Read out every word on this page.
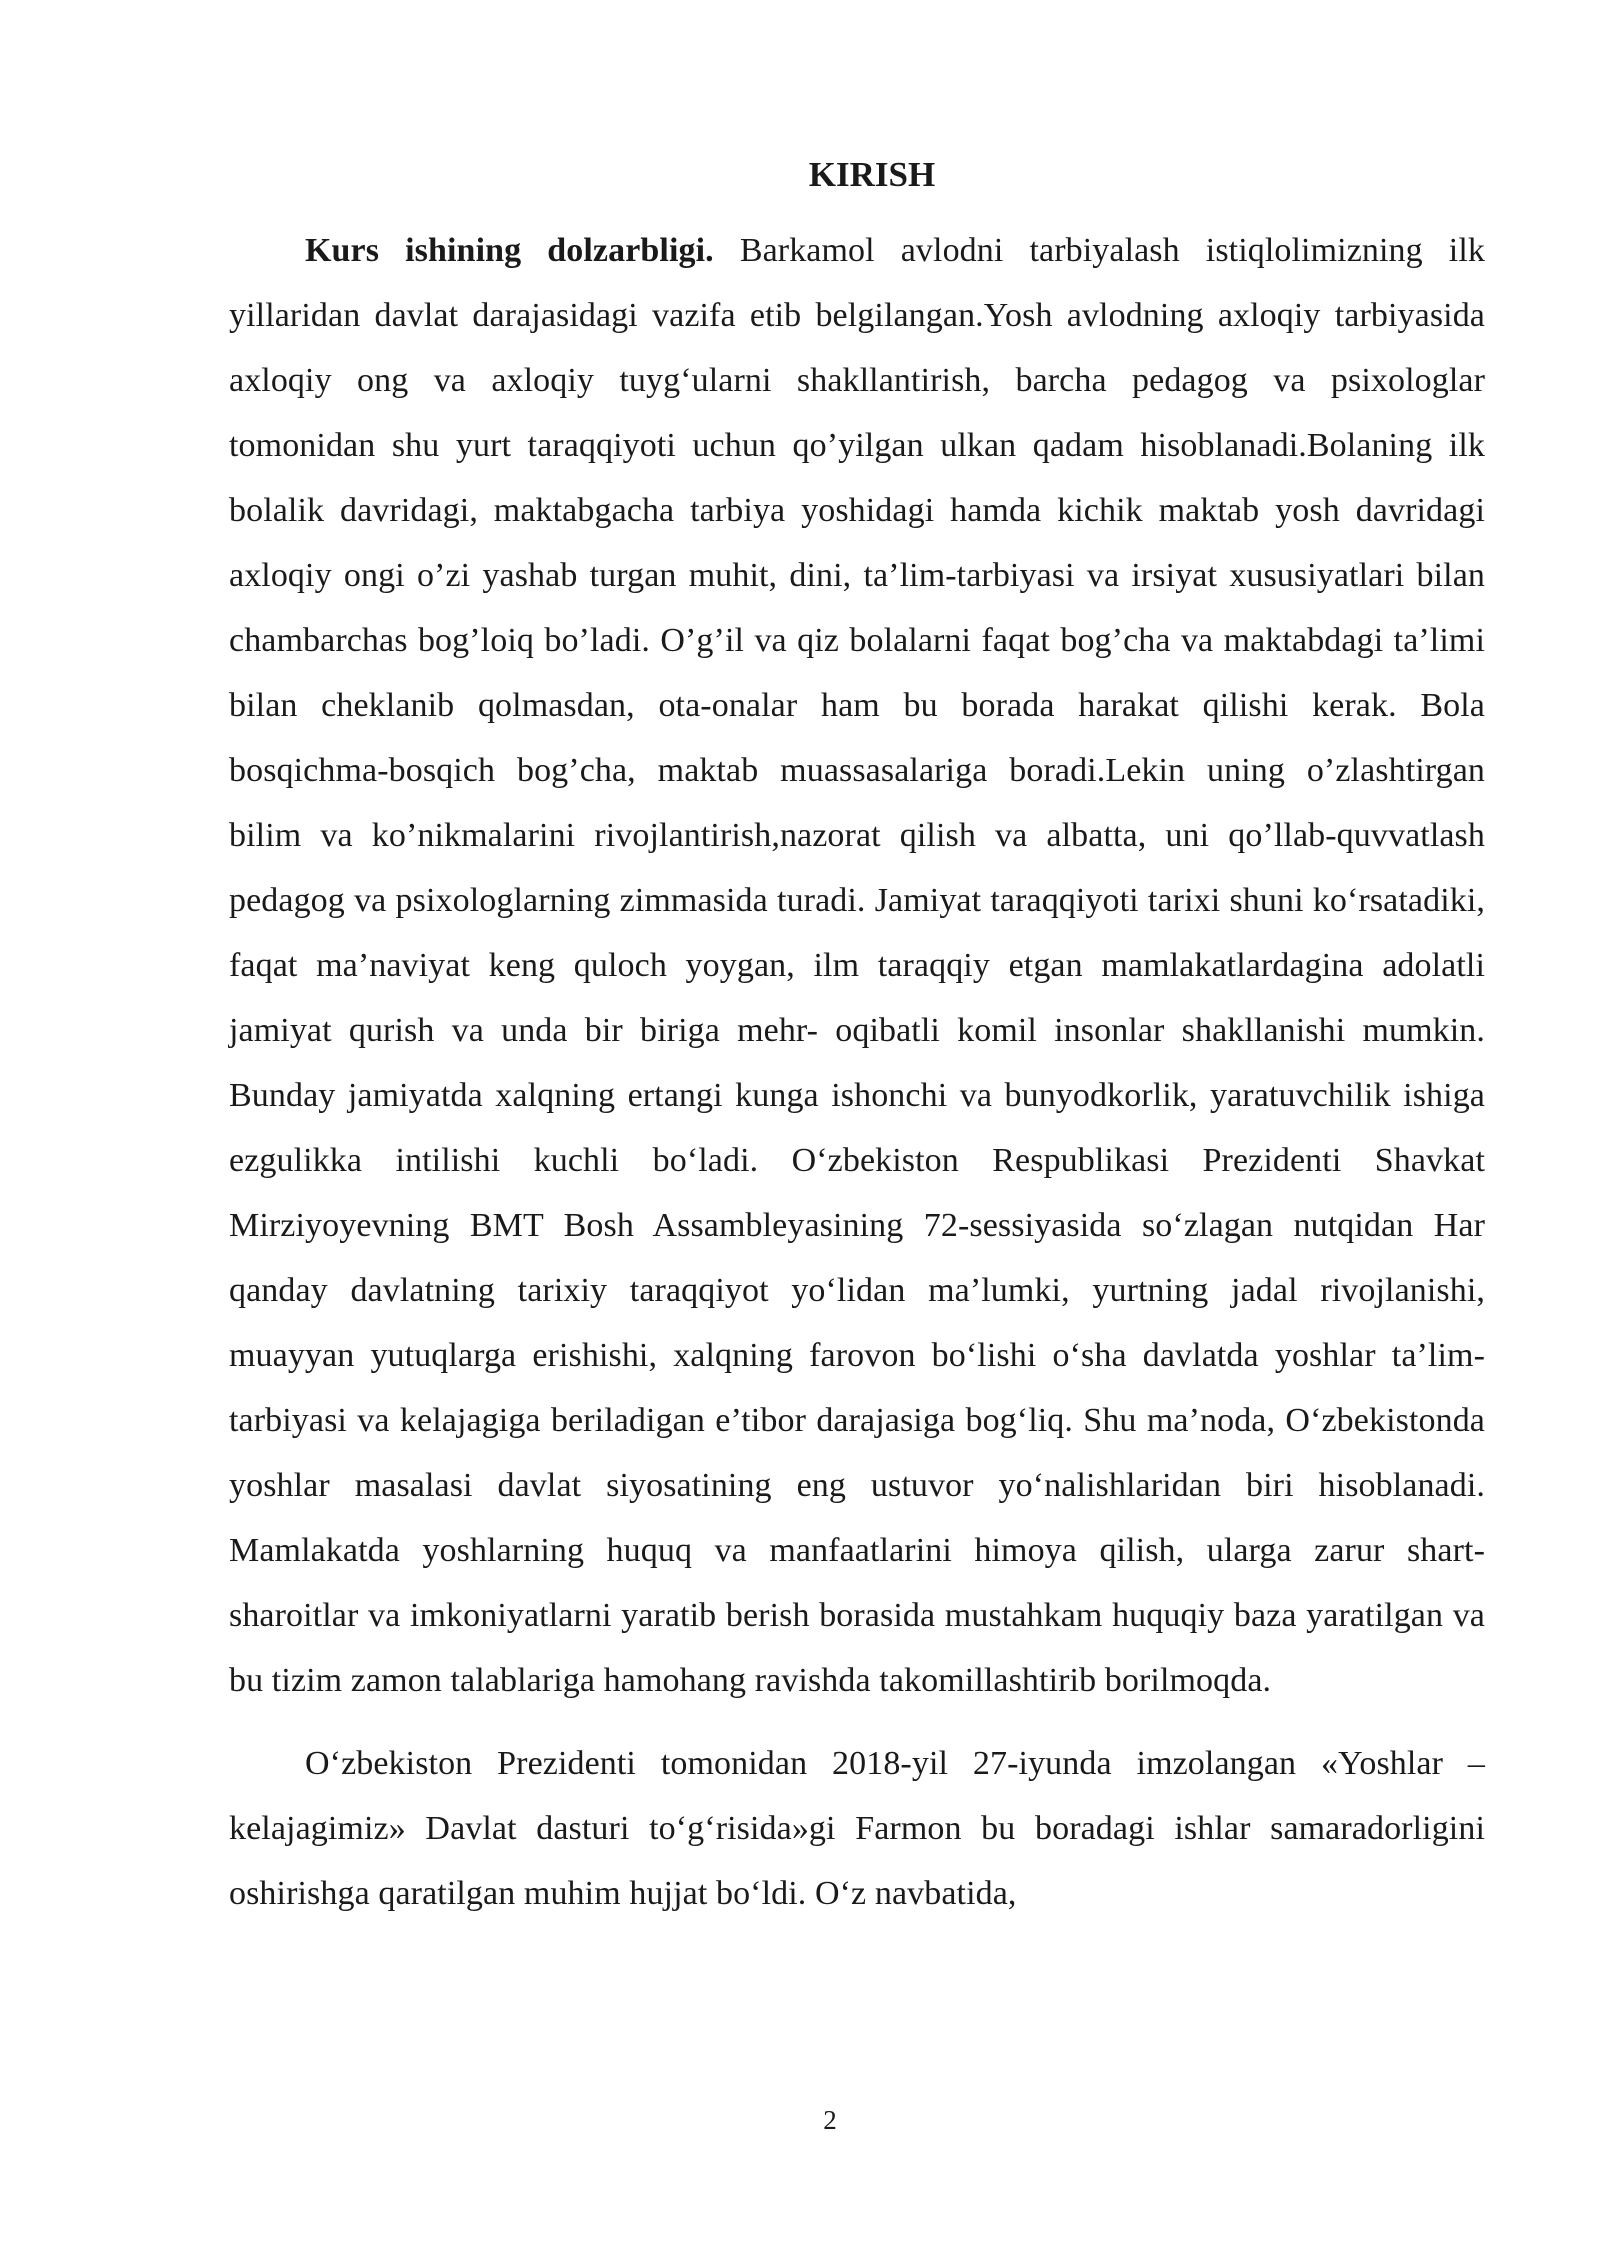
KIRISH

Kurs ishining dolzarbligi. Barkamol avlodni tarbiyalash istiqlolimizning ilk yillaridan davlat darajasidagi vazifa etib belgilangan.Yosh avlodning axloqiy tarbiyasida axloqiy ong va axloqiy tuyg‘ularni shakllantirish, barcha pedagog va psixologlar tomonidan shu yurt taraqqiyoti uchun qo’yilgan ulkan qadam hisoblanadi.Bolaning ilk bolalik davridagi, maktabgacha tarbiya yoshidagi hamda kichik maktab yosh davridagi axloqiy ongi o’zi yashab turgan muhit, dini, ta’lim-tarbiyasi va irsiyat xususiyatlari bilan chambarchas bog’loiq bo’ladi. O’g’il va qiz bolalarni faqat bog’cha va maktabdagi ta’limi bilan cheklanib qolmasdan, ota-onalar ham bu borada harakat qilishi kerak. Bola bosqichma-bosqich bog’cha, maktab muassasalariga boradi.Lekin uning o’zlashtirgan bilim va ko’nikmalarini rivojlantirish,nazorat qilish va albatta, uni qo’llab-quvvatlash pedagog va psixologlarning zimmasida turadi. Jamiyat taraqqiyoti tarixi shuni ko‘rsatadiki, faqat ma’naviyat keng quloch yoygan, ilm taraqqiy etgan mamlakatlardagina adolatli jamiyat qurish va unda bir biriga mehr- oqibatli komil insonlar shakllanishi mumkin. Bunday jamiyatda xalqning ertangi kunga ishonchi va bunyodkorlik, yaratuvchilik ishiga ezgulikka intilishi kuchli bo‘ladi. O‘zbekiston Respublikasi Prezidenti Shavkat Mirziyoyevning BMT Bosh Assambleyasining 72-sessiyasida so‘zlagan nutqidan Har qanday davlatning tarixiy taraqqiyot yo‘lidan ma’lumki, yurtning jadal rivojlanishi, muayyan yutuqlarga erishishi, xalqning farovon bo‘lishi o‘sha davlatda yoshlar ta’lim-tarbiyasi va kelajagiga beriladigan e’tibor darajasiga bog‘liq. Shu ma’noda, O‘zbekistonda yoshlar masalasi davlat siyosatining eng ustuvor yo‘nalishlaridan biri hisoblanadi. Mamlakatda yoshlarning huquq va manfaatlarini himoya qilish, ularga zarur shart-sharoitlar va imkoniyatlarni yaratib berish borasida mustahkam huquqiy baza yaratilgan va bu tizim zamon talablariga hamohang ravishda takomillashtirib borilmoqda.

O‘zbekiston Prezidenti tomonidan 2018-yil 27-iyunda imzolangan «Yoshlar – kelajagimiz» Davlat dasturi to‘g‘risida»gi Farmon bu boradagi ishlar samaradorligini oshirishga qaratilgan muhim hujjat bo‘ldi. O‘z navbatida,

2
